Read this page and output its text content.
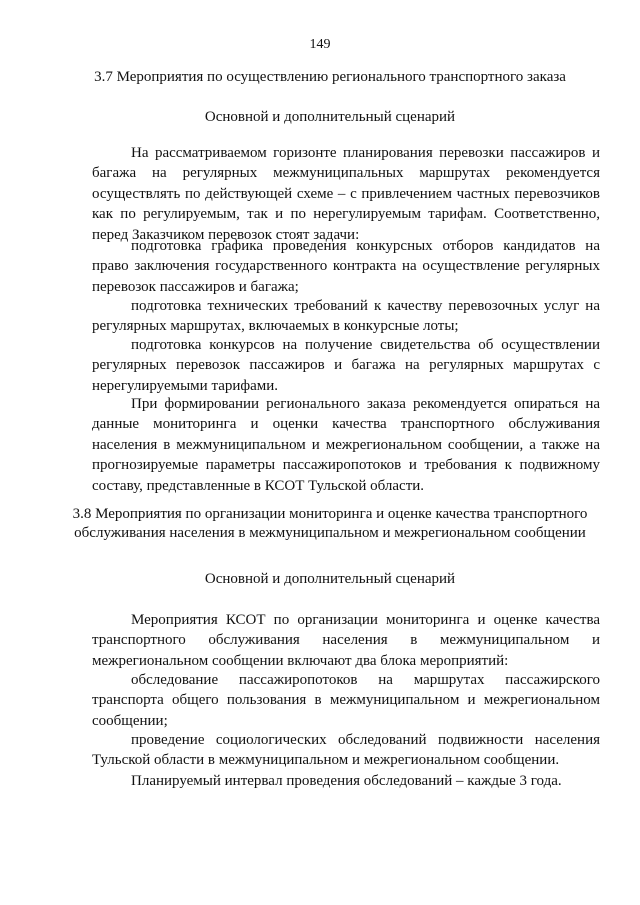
149
3.7 Мероприятия по осуществлению регионального транспортного заказа
Основной и дополнительный сценарий

На рассматриваемом горизонте планирования перевозки пассажиров и багажа на регулярных межмуниципальных маршрутах рекомендуется осуществлять по действующей схеме – с привлечением частных перевозчиков как по регулируемым, так и по нерегулируемым тарифам. Соответственно, перед Заказчиком перевозок стоят задачи:

подготовка графика проведения конкурсных отборов кандидатов на право заключения государственного контракта на осуществление регулярных перевозок пассажиров и багажа;

подготовка технических требований к качеству перевозочных услуг на регулярных маршрутах, включаемых в конкурсные лоты;

подготовка конкурсов на получение свидетельства об осуществлении регулярных перевозок пассажиров и багажа на регулярных маршрутах с нерегулируемыми тарифами.

При формировании регионального заказа рекомендуется опираться на данные мониторинга и оценки качества транспортного обслуживания населения в межмуниципальном и межрегиональном сообщении, а также на прогнозируемые параметры пассажиропотоков и требования к подвижному составу, представленные в КСОТ Тульской области.

3.8 Мероприятия по организации мониторинга и оценке качества транспортного обслуживания населения в межмуниципальном и межрегиональном сообщении
Основной и дополнительный сценарий

Мероприятия КСОТ по организации мониторинга и оценке качества транспортного обслуживания населения в межмуниципальном и межрегиональном сообщении включают два блока мероприятий:

обследование пассажиропотоков на маршрутах пассажирского транспорта общего пользования в межмуниципальном и межрегиональном сообщении;

проведение социологических обследований подвижности населения Тульской области в межмуниципальном и межрегиональном сообщении.

Планируемый интервал проведения обследований – каждые 3 года.
